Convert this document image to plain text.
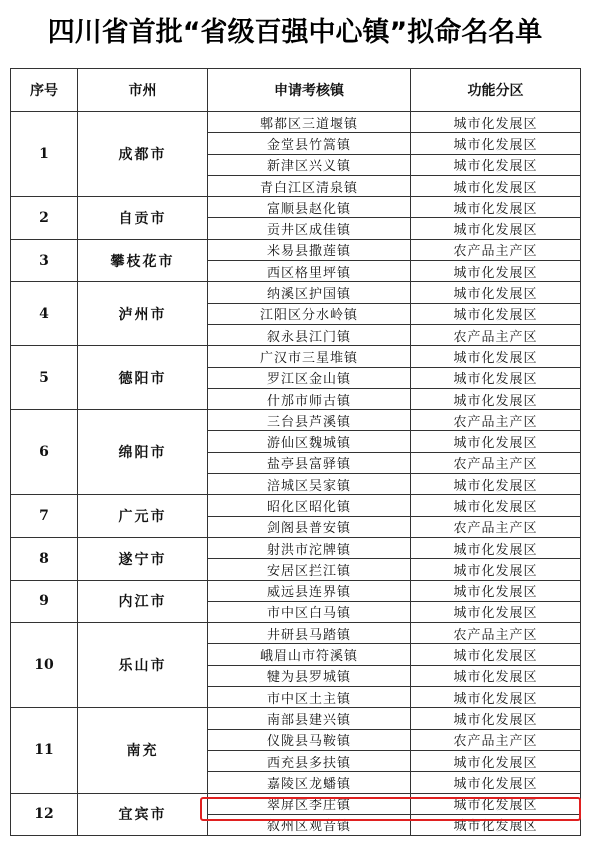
四川省首批“省级百强中心镇”拟命名名单
序号	市州	申请考核镇	功能分区
1	成都市	郫都区三道堰镇	城市化发展区
		金堂县竹篙镇	城市化发展区
		新津区兴义镇	城市化发展区
		青白江区清泉镇	城市化发展区
2	自贡市	富顺县赵化镇	城市化发展区
		贡井区成佳镇	城市化发展区
3	攀枝花市	米易县撒莲镇	农产品主产区
		西区格里坪镇	城市化发展区
4	泸州市	纳溪区护国镇	城市化发展区
		江阳区分水岭镇	城市化发展区
		叙永县江门镇	农产品主产区
5	德阳市	广汉市三星堆镇	城市化发展区
		罗江区金山镇	城市化发展区
		什邡市师古镇	城市化发展区
6	绵阳市	三台县芦溪镇	农产品主产区
		游仙区魏城镇	城市化发展区
		盐亭县富驿镇	农产品主产区
		涪城区吴家镇	城市化发展区
7	广元市	昭化区昭化镇	城市化发展区
		剑阁县普安镇	农产品主产区
8	遂宁市	射洪市沱牌镇	城市化发展区
		安居区拦江镇	城市化发展区
9	内江市	威远县连界镇	城市化发展区
		市中区白马镇	城市化发展区
10	乐山市	井研县马踏镇	农产品主产区
		峨眉山市符溪镇	城市化发展区
		犍为县罗城镇	城市化发展区
		市中区土主镇	城市化发展区
11	南充	南部县建兴镇	城市化发展区
		仪陇县马鞍镇	农产品主产区
		西充县多扶镇	城市化发展区
		嘉陵区龙蟠镇	城市化发展区
12	宜宾市	翠屏区李庄镇	城市化发展区
		叙州区观音镇	城市化发展区
